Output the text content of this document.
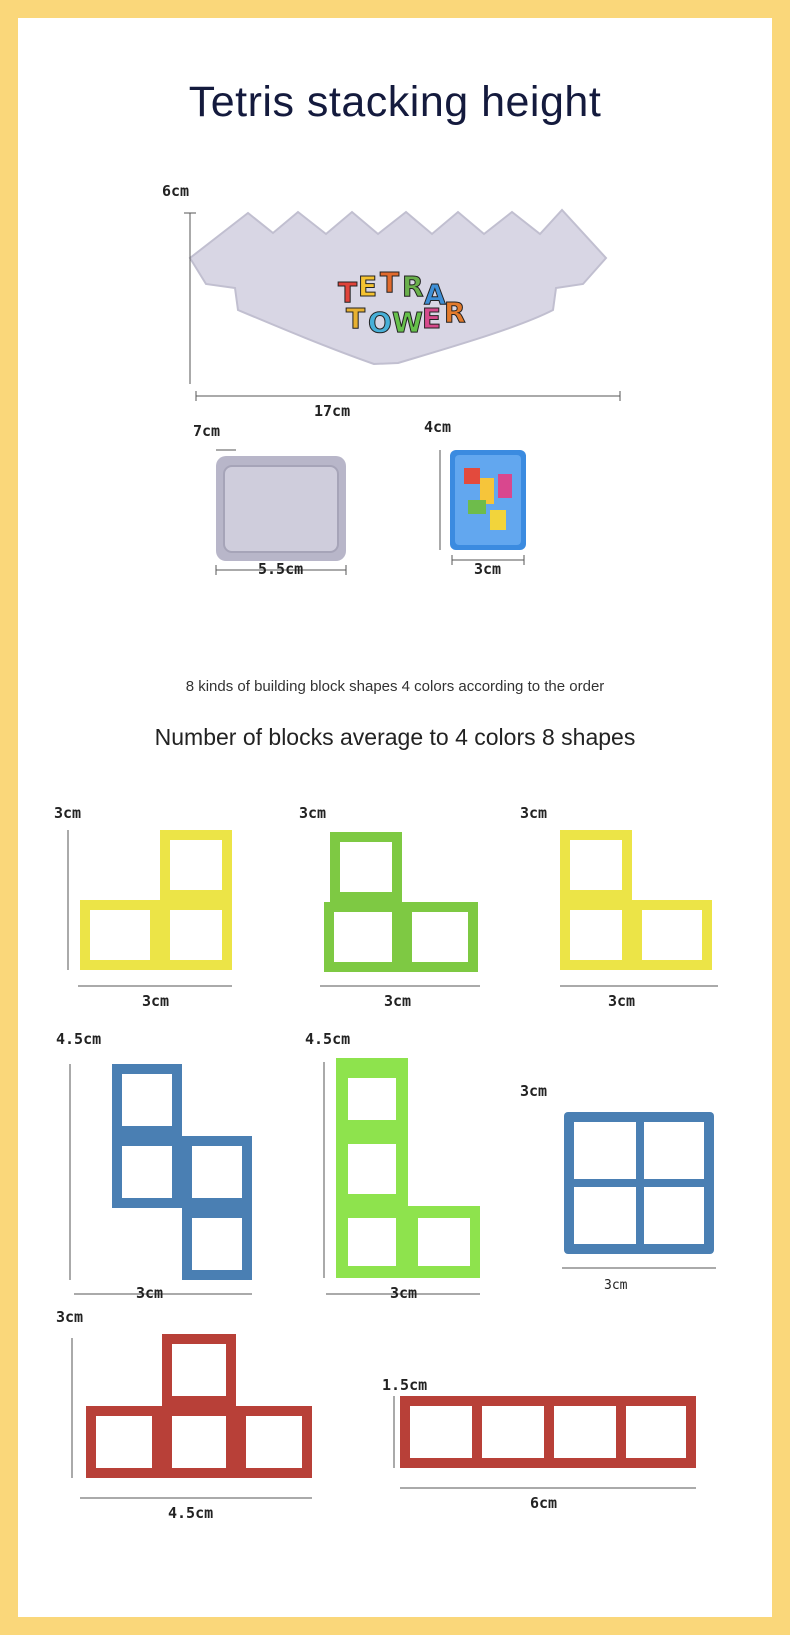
Tetris stacking height
T E T R A
T O W E R
6cm
17cm
7cm
5.5cm
4cm
3cm
8 kinds of building block shapes 4 colors according to the order
Number of blocks average to 4 colors 8 shapes
3cm
3cm
3cm
3cm
3cm
3cm
4.5cm
3cm
4.5cm
3cm
3cm
3cm
3cm
4.5cm
1.5cm
6cm
